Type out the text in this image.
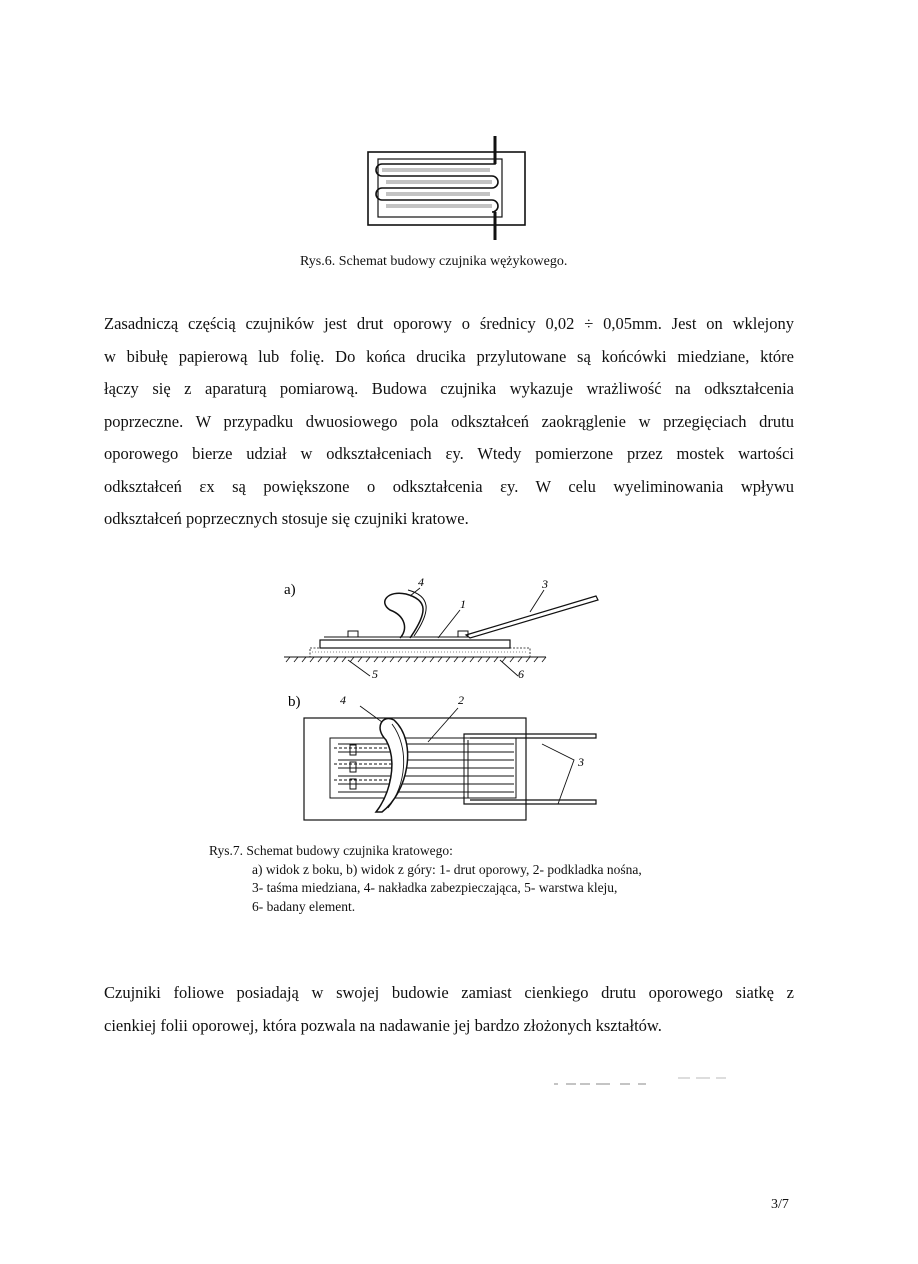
Rys.6. Schemat budowy czujnika wężykowego.
Zasadniczą częścią czujników jest drut oporowy o średnicy 0,02 ÷ 0,05mm. Jest on wklejony
w bibułę papierową lub folię. Do końca drucika przylutowane są końcówki miedziane, które
łączy się z aparaturą pomiarową. Budowa czujnika wykazuje wrażliwość na odkształcenia
poprzeczne. W przypadku dwuosiowego pola odkształceń zaokrąglenie w przegięciach drutu
oporowego bierze udział w odkształceniach εy. Wtedy pomierzone przez mostek wartości
odkształceń εx są powiększone o odkształcenia εy. W celu wyeliminowania wpływu
odkształceń poprzecznych stosuje się czujniki kratowe.
a)	4
1
3
5	6
b)	4	2
3
Rys.7. Schemat budowy czujnika kratowego:
a) widok z boku, b) widok z góry: 1- drut oporowy, 2- podkladka nośna,
3- taśma miedziana, 4- nakładka zabezpieczająca, 5- warstwa kleju,
6- badany element.
Czujniki foliowe posiadają w swojej budowie zamiast cienkiego drutu oporowego siatkę z
cienkiej folii oporowej, która pozwala na nadawanie jej bardzo złożonych kształtów.
3/7
